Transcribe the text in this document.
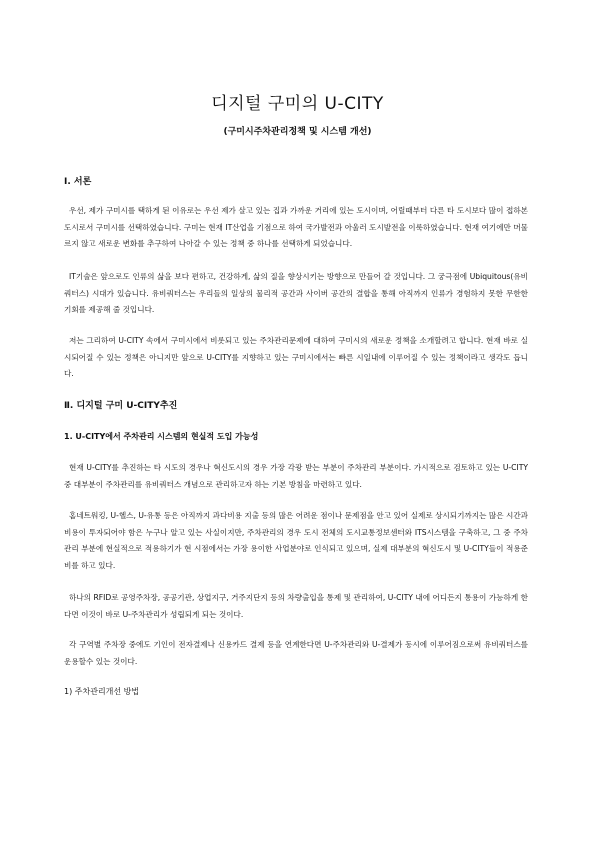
디지털 구미의 U-CITY
(구미시주차관리정책 및 시스템 개선)
Ⅰ. 서론

우선, 제가 구미시를 택하게 된 이유로는 우선 제가 살고 있는 집과 가까운 거리에 있는 도시이며, 어릴때부터 다른 타 도시보다 많이 접하본 도시로서 구미시를 선택하였습니다. 구미는 현재 IT산업을 기점으로 하여 국가발전과 아울러 도시발전을 이룩하였습니다. 현재 여기에만 머물르지 않고 새로운 변화를 추구하여 나아갈 수 있는 정책 중 하나를 선택하게 되었습니다.

IT기술은 앞으로도 인류의 삶을 보다 편하고, 건강하게, 삶의 질을 향상시키는 방향으로 만들어 갈 것입니다. 그 궁극점에 Ubiquitous(유비쿼터스) 시대가 있습니다. 유비쿼터스는 우리들의 일상의 물리적 공간과 사이버 공간의 결합을 통해 아직까지 인류가 경험하지 못한 무한한 기회를 제공해 줄 것입니다.

저는 그리하여 U-CITY 속에서 구미시에서 비롯되고 있는 주차관리문제에 대하여 구미시의 새로운 정책을 소개할려고 합니다. 현재 바로 실시되어질 수 있는 정책은 아니지만 앞으로 U-CITY를 지향하고 있는 구미시에서는 빠른 시일내에 이루어질 수 있는 정책이라고 생각도 듭니다.

Ⅱ. 디지털 구미 U-CITY추진
1. U-CITY에서 주차관리 시스템의 현실적 도입 가능성

현재 U-CITY를 추진하는 타 시도의 경우나 혁신도시의 경우 가장 각광 받는 부분이 주차관리 부분이다. 가시적으로 검토하고 있는 U-CITY 중 대부분이 주차관리를 유비쿼터스 개념으로 관리하고자 하는 기본 방침을 마련하고 있다.

홈네트워킹, U-헬스, U-유통 등은 아직까지 과다비용 지출 등의 많은 어려운 점이나 문제점을 안고 있어 실제로 상시되기까지는 많은 시간과 비용이 투자되어야 함은 누구나 알고 있는 사실이지만, 주차관리의 경우 도시 전체의 도시교통정보센터와 ITS시스템을 구축하고, 그 중 주차관리 부분에 현실적으로 적용하기가 현 시점에서는 가장 용이한 사업분야로 인식되고 있으며, 실제 대부분의 혁신도시 및 U-CITY들이 적용준비를 하고 있다.

하나의 RFID로 공영주차장, 공공기관, 상업지구, 거주지단지 등의 차량출입을 통제 및 관리하여, U-CITY 내에 어디든지 통용이 가능하게 한다면 이것이 바로 U-주차관리가 성립되게 되는 것이다.

각 구역별 주차장 중에도 기인이 전자결제나 신용카드 결제 등을 연계한다면 U-주차관리와 U-결제가 동시에 이루어짐으로써 유비쿼터스를 운용할수 있는 것이다.

1) 주차관리개선 방법
